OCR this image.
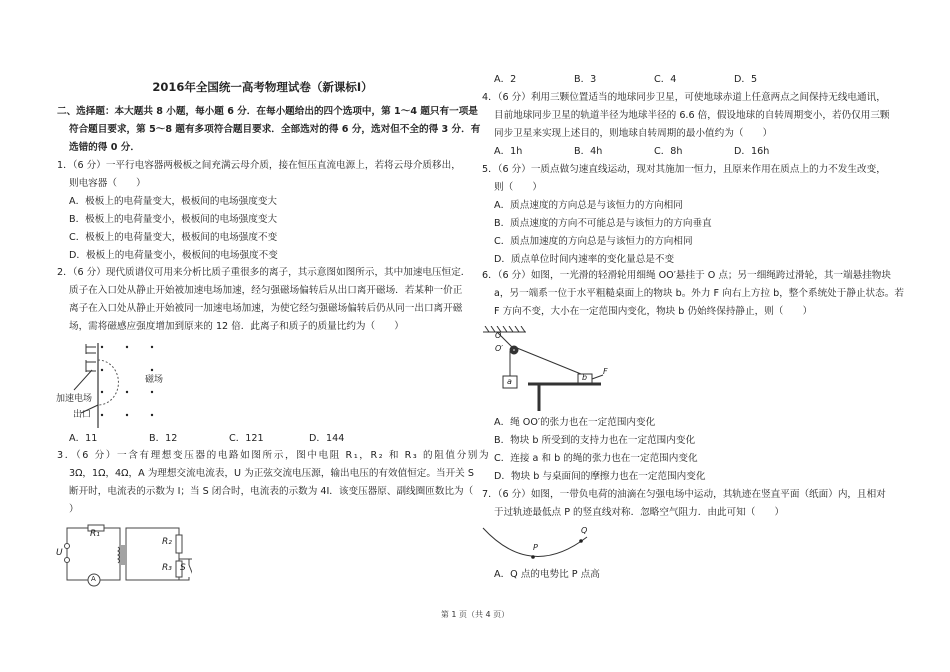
2016年全国统一高考物理试卷（新课标Ⅰ）
二、选择题：本大题共 8 小题，每小题 6 分．在每小题给出的四个选项中，第 1～4 题只有一项是
符合题目要求，第 5～8 题有多项符合题目要求．全部选对的得 6 分，选对但不全的得 3 分．有
选错的得 0 分．
1．（6 分）一平行电容器两极板之间充满云母介质，接在恒压直流电源上，若将云母介质移出，
则电容器（　　）
A．极板上的电荷量变大，极板间的电场强度变大
B．极板上的电荷量变小，极板间的电场强度变大
C．极板上的电荷量变大，极板间的电场强度不变
D．极板上的电荷量变小，极板间的电场强度不变
2．（6 分）现代质谱仪可用来分析比质子重很多的离子，其示意图如图所示，其中加速电压恒定．
质子在入口处从静止开始被加速电场加速，经匀强磁场偏转后从出口离开磁场．若某种一价正
离子在入口处从静止开始被同一加速电场加速，为使它经匀强磁场偏转后仍从同一出口离开磁
场，需将磁感应强度增加到原来的 12 倍．此离子和质子的质量比约为（　　）
磁场
加速电场
出口
A．11	B．12	C．121	D．144
3．（6 分）一含有理想变压器的电路如图所示，图中电阻 R₁，R₂ 和 R₃ 的阻值分别为
3Ω，1Ω，4Ω，A 为理想交流电流表，U 为正弦交流电压源，输出电压的有效值恒定。当开关 S
断开时，电流表的示数为 I；当 S 闭合时，电流表的示数为 4I．该变压器原、副线圈匝数比为（
）
R₁
R₂
R₃
U
A
S
A．2	B．3	C．4	D．5
4．（6 分）利用三颗位置适当的地球同步卫星，可使地球赤道上任意两点之间保持无线电通讯，
目前地球同步卫星的轨道半径为地球半径的 6.6 倍，假设地球的自转周期变小，若仍仅用三颗
同步卫星来实现上述目的，则地球自转周期的最小值约为（　　）
A．1h	B．4h	C．8h	D．16h
5．（6 分）一质点做匀速直线运动，现对其施加一恒力，且原来作用在质点上的力不发生改变，
则（　　）
A．质点速度的方向总是与该恒力的方向相同
B．质点速度的方向不可能总是与该恒力的方向垂直
C．质点加速度的方向总是与该恒力的方向相同
D．质点单位时间内速率的变化量总是不变
6．（6 分）如图，一光滑的轻滑轮用细绳 OO′悬挂于 O 点；另一细绳跨过滑轮，其一端悬挂物块
a，另一端系一位于水平粗糙桌面上的物块 b。外力 F 向右上方拉 b，整个系统处于静止状态。若
F 方向不变，大小在一定范围内变化，物块 b 仍始终保持静止，则（　　）
O
O′
a	b
F
A．绳 OO′的张力也在一定范围内变化
B．物块 b 所受到的支持力也在一定范围内变化
C．连接 a 和 b 的绳的张力也在一定范围内变化
D．物块 b 与桌面间的摩擦力也在一定范围内变化
7．（6 分）如图，一带负电荷的油滴在匀强电场中运动，其轨迹在竖直平面（纸面）内，且相对
于过轨迹最低点 P 的竖直线对称．忽略空气阻力．由此可知（　　）
P
Q
A．Q 点的电势比 P 点高
第 1 页（共 4 页）
